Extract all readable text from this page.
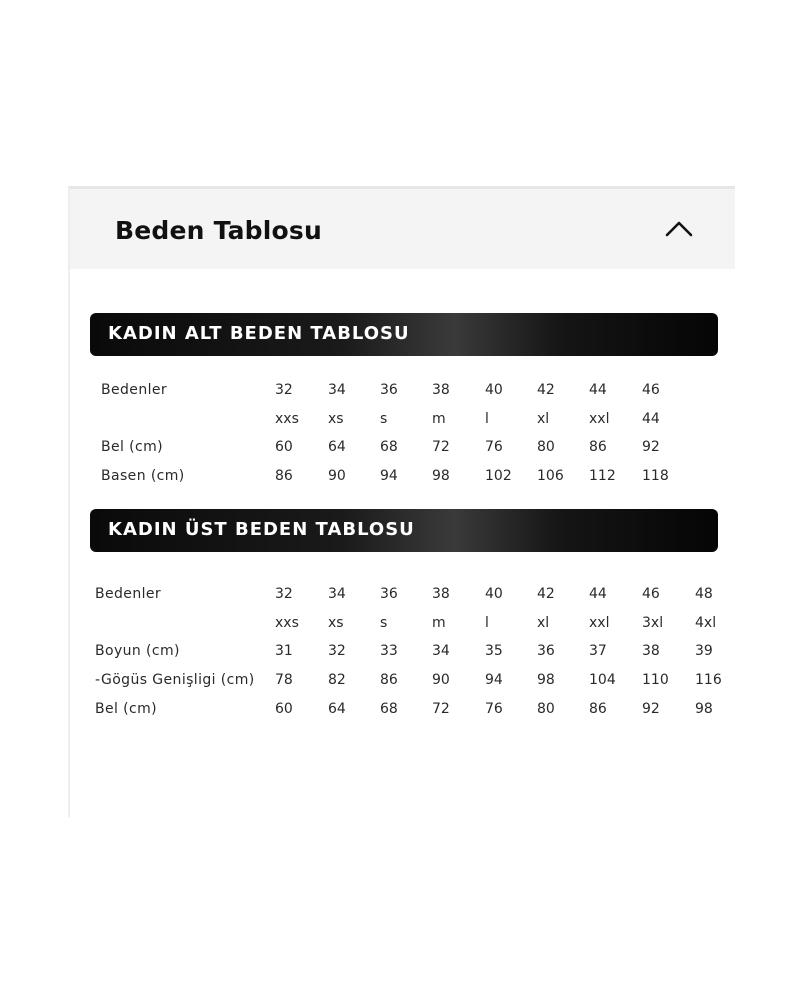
Beden Tablosu
KADIN ALT BEDEN TABLOSU
Bedenler	32	34 36 38	40 42 44	46
xxs xs	s	m	l	xl	xxl 44
Bel (cm)	60	64 68 72	76 80 86	92
Basen (cm)	86	90 94 98	102 106 112 118
KADIN ÜST BEDEN TABLOSU
Bedenler	32	34 36 38	40 42 44	46	48
xxs xs	s	m	l	xl	xxl 3xl 4xl
Boyun (cm)	31	32 33 34	35 36 37	38	39
-Gögüs Genişligi (cm) 78	82 86 90	94 98 104 110 116
Bel (cm)	60	64 68 72	76 80 86	92	98
